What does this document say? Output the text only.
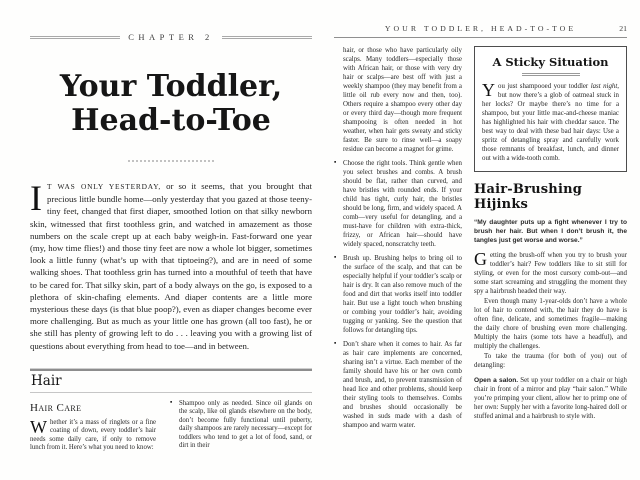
CHAPTER 2
Your Toddler,
Head-to-Toe

I T WAS ONLY YESTERDAY, or so it seems, that you brought that precious little bundle home—only yesterday that you gazed at those teeny-tiny feet, changed that first diaper, smoothed lotion on that silky newborn skin, witnessed that first toothless grin, and watched in amazement as those numbers on the scale crept up at each baby weigh-in. Fast-forward one year (my, how time flies!) and those tiny feet are now a whole lot bigger, sometimes look a little funny (what’s up with that tiptoeing?), and are in need of some walking shoes. That toothless grin has turned into a mouthful of teeth that have to be cared for. That silky skin, part of a body always on the go, is exposed to a plethora of skin-chafing elements. And diaper contents are a little more mysterious these days (is that blue poop?), even as diaper changes become ever more challenging. But as much as your little one has grown (all too fast), he or she still has plenty of growing left to do . . . leaving you with a growing list of questions about everything from head to toe—and in between.

Hair
Hair Care

Whether it’s a mass of ringlets or a fine coating of down, every toddler’s hair needs some daily care, if only to remove lunch from it. Here’s what you need to know:

▪
Shampoo only as needed. Since oil glands on the scalp, like oil glands elsewhere on the body, don’t become fully functional until puberty, daily shampoos are rarely necessary—except for toddlers who tend to get a lot of food, sand, or dirt in their
YOUR TODDLER, HEAD-TO-TOE	21

hair, or those who have particularly oily scalps. Many toddlers—especially those with African hair, or those with very dry hair or scalps—are best off with just a weekly shampoo (they may benefit from a little oil rub every now and then, too). Others require a shampoo every other day or every third day—though more frequent shampooing is often needed in hot weather, when hair gets sweaty and sticky faster. Be sure to rinse well—a soapy residue can become a magnet for grime.

▪
Choose the right tools. Think gentle when you select brushes and combs. A brush should be flat, rather than curved, and have bristles with rounded ends. If your child has tight, curly hair, the bristles should be long, firm, and widely spaced. A comb—very useful for detangling, and a must-have for children with extra-thick, frizzy, or African hair—should have widely spaced, nonscratchy teeth.
▪
Brush up. Brushing helps to bring oil to the surface of the scalp, and that can be especially helpful if your toddler’s scalp or hair is dry. It can also remove much of the food and dirt that works itself into toddler hair. But use a light touch when brushing or combing your toddler’s hair, avoiding tugging or yanking. See the question that follows for detangling tips.
▪
Don’t share when it comes to hair. As far as hair care implements are concerned, sharing isn’t a virtue. Each member of the family should have his or her own comb and brush, and, to prevent transmission of head lice and other problems, should keep their styling tools to themselves. Combs and brushes should occasionally be washed in suds made with a dash of shampoo and warm water.
A Sticky Situation

You just shampooed your toddler last night, but now there’s a glob of oatmeal stuck in her locks? Or maybe there’s no time for a shampoo, but your little mac-and-cheese maniac has highlighted his hair with cheddar sauce. The best way to deal with these bad hair days: Use a spritz of detangling spray and carefully work those remnants of breakfast, lunch, and dinner out with a wide-tooth comb.

Hair-Brushing Hijinks

“My daughter puts up a fight whenever I try to brush her hair. But when I don’t brush it, the tangles just get worse and worse.”

Getting the brush-off when you try to brush your toddler’s hair? Few toddlers like to sit still for styling, or even for the most cursory comb-out—and some start screaming and struggling the moment they spy a hairbrush headed their way.

Even though many 1-year-olds don’t have a whole lot of hair to contend with, the hair they do have is often fine, delicate, and sometimes fragile—making the daily chore of brushing even more challenging. Multiply the hairs (some tots have a headful), and multiply the challenges.

To take the trauma (for both of you) out of detangling:

Open a salon. Set up your toddler on a chair or high chair in front of a mirror and play “hair salon.” While you’re primping your client, allow her to primp one of her own: Supply her with a favorite long-haired doll or stuffed animal and a hairbrush to style with.
